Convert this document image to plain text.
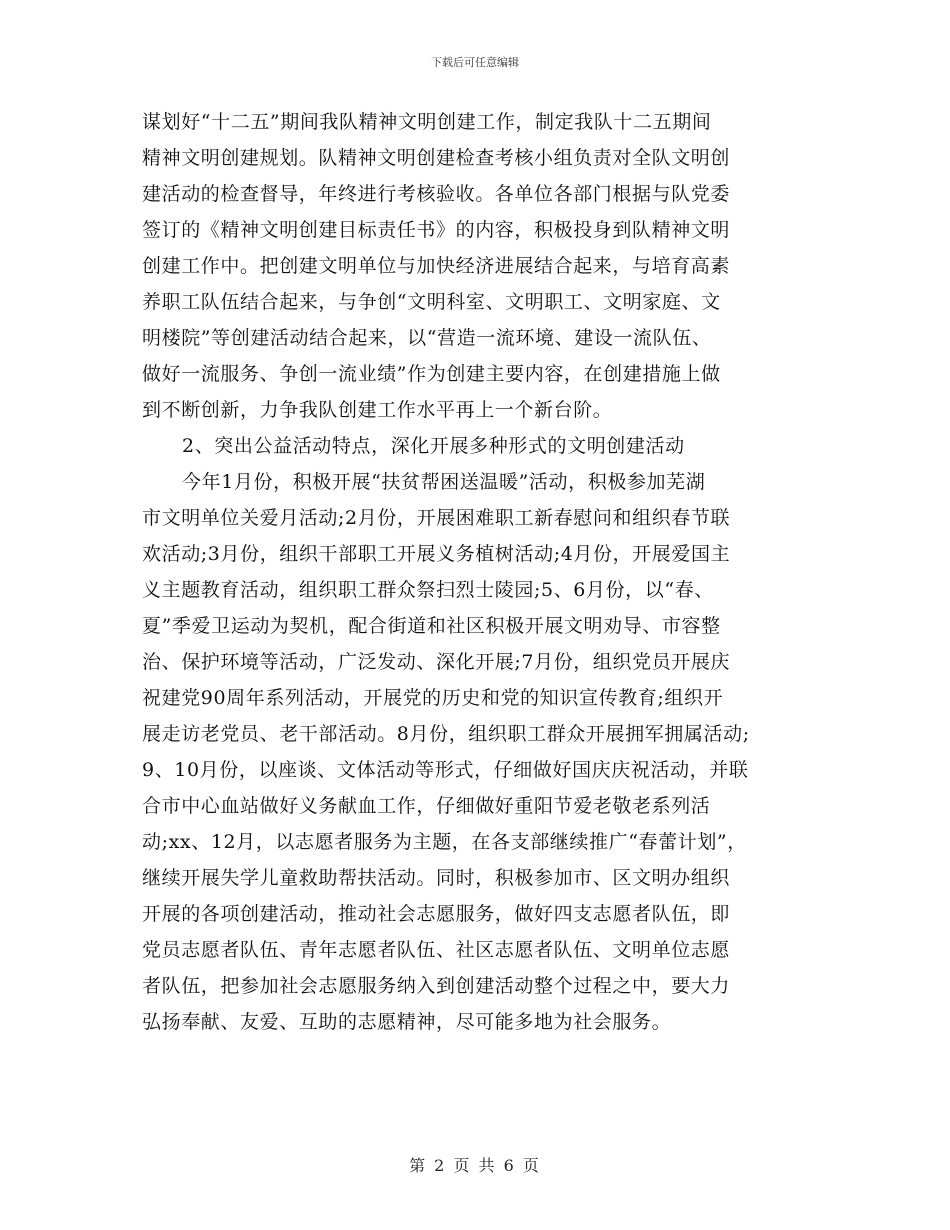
下载后可任意编辑
谋划好“十二五”期间我队精神文明创建工作，制定我队十二五期间
精神文明创建规划。队精神文明创建检查考核小组负责对全队文明创
建活动的检查督导，年终进行考核验收。各单位各部门根据与队党委
签订的《精神文明创建目标责任书》的内容，积极投身到队精神文明
创建工作中。把创建文明单位与加快经济进展结合起来，与培育高素
养职工队伍结合起来，与争创“文明科室、文明职工、文明家庭、文
明楼院”等创建活动结合起来，以“营造一流环境、建设一流队伍、
做好一流服务、争创一流业绩”作为创建主要内容，在创建措施上做
到不断创新，力争我队创建工作水平再上一个新台阶。
2、突出公益活动特点，深化开展多种形式的文明创建活动
今年1月份，积极开展“扶贫帮困送温暖”活动，积极参加芜湖
市文明单位关爱月活动;2月份，开展困难职工新春慰问和组织春节联
欢活动;3月份，组织干部职工开展义务植树活动;4月份，开展爱国主
义主题教育活动，组织职工群众祭扫烈士陵园;5、6月份，以“春、
夏”季爱卫运动为契机，配合街道和社区积极开展文明劝导、市容整
治、保护环境等活动，广泛发动、深化开展;7月份，组织党员开展庆
祝建党90周年系列活动，开展党的历史和党的知识宣传教育;组织开
展走访老党员、老干部活动。8月份，组织职工群众开展拥军拥属活动;
9、10月份，以座谈、文体活动等形式，仔细做好国庆庆祝活动，并联
合市中心血站做好义务献血工作，仔细做好重阳节爱老敬老系列活
动;xx、12月，以志愿者服务为主题，在各支部继续推广“春蕾计划”，
继续开展失学儿童救助帮扶活动。同时，积极参加市、区文明办组织
开展的各项创建活动，推动社会志愿服务，做好四支志愿者队伍，即
党员志愿者队伍、青年志愿者队伍、社区志愿者队伍、文明单位志愿
者队伍，把参加社会志愿服务纳入到创建活动整个过程之中，要大力
弘扬奉献、友爱、互助的志愿精神，尽可能多地为社会服务。
第 2 页 共 6 页
